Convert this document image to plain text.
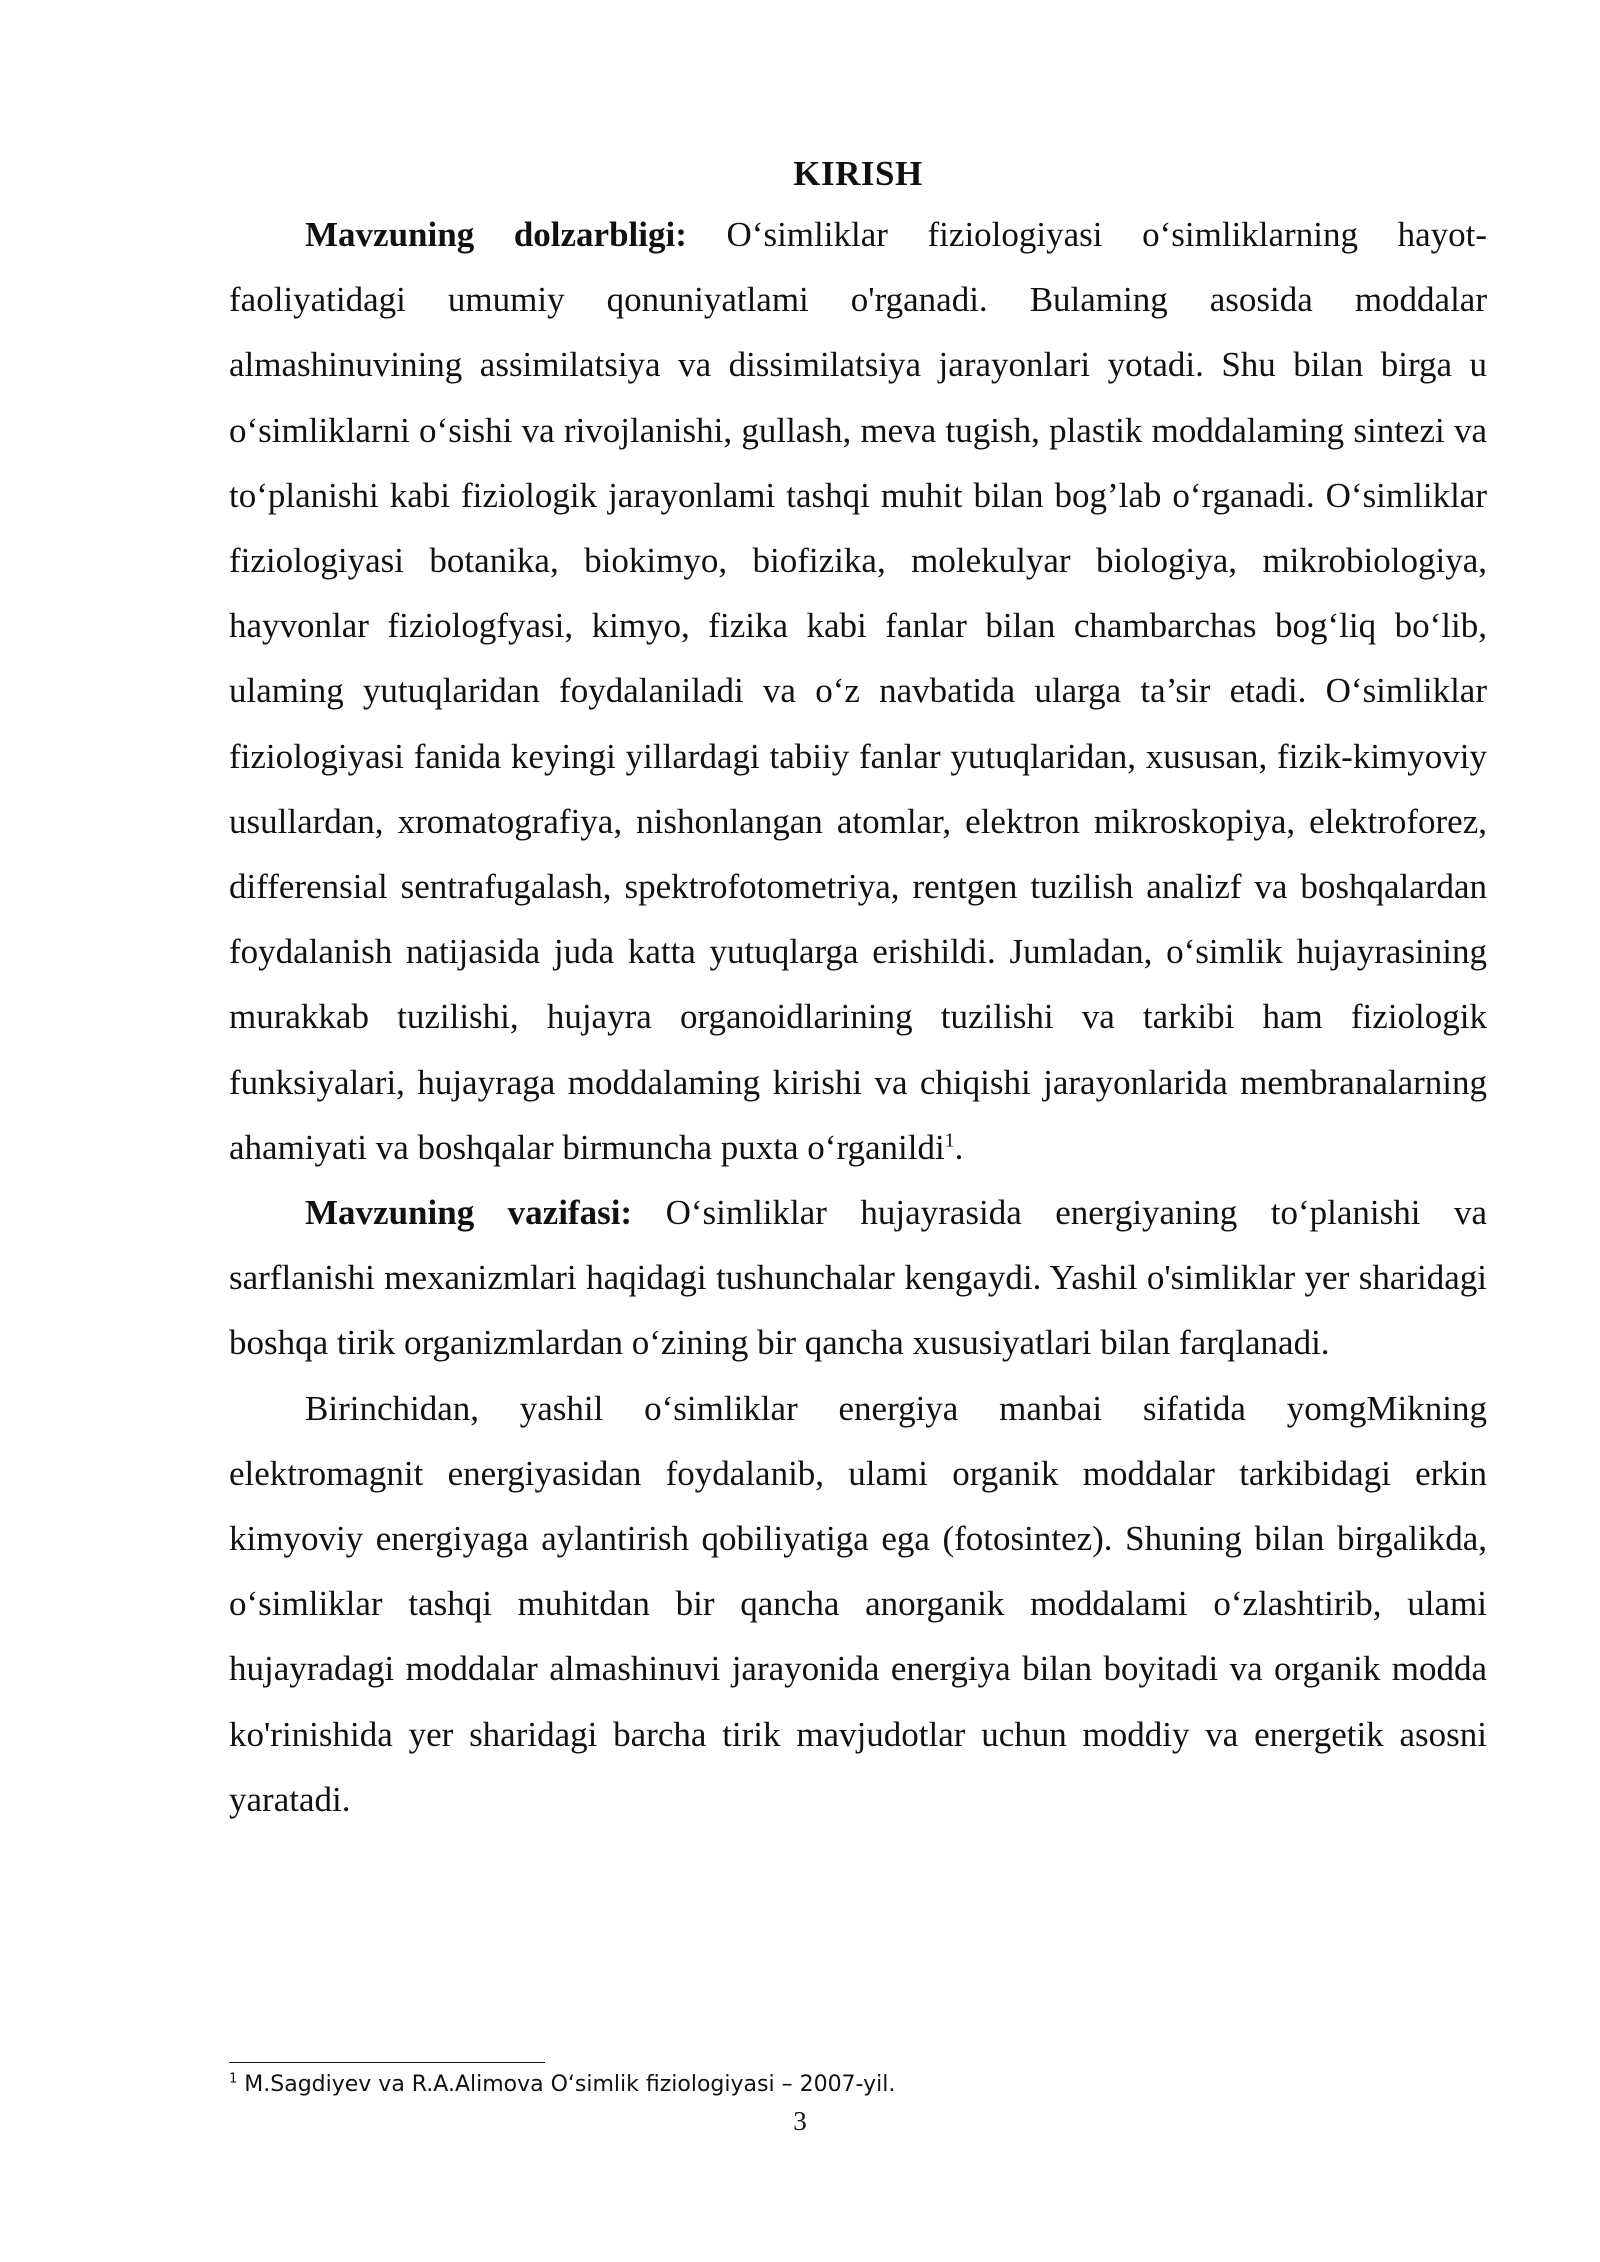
KIRISH

Mavzuning dolzarbligi: O‘simliklar fiziologiyasi o‘simliklarning hayot-faoliyatidagi umumiy qonuniyatlami o'rganadi. Bulaming asosida moddalar almashinuvining assimilatsiya va dissimilatsiya jarayonlari yotadi. Shu bilan birga u o‘simliklarni o‘sishi va rivojlanishi, gullash, meva tugish, plastik moddalaming sintezi va to‘planishi kabi fiziologik jarayonlami tashqi muhit bilan bog’lab o‘rganadi. O‘simliklar fiziologiyasi botanika, biokimyo, biofizika, molekulyar biologiya, mikrobiologiya, hayvonlar fiziologfyasi, kimyo, fizika kabi fanlar bilan chambarchas bog‘liq bo‘lib, ulaming yutuqlaridan foydalaniladi va o‘z navbatida ularga ta’sir etadi. O‘simliklar fiziologiyasi fanida keyingi yillardagi tabiiy fanlar yutuqlaridan, xususan, fizik-kimyoviy usullardan, xromatografiya, nishonlangan atomlar, elektron mikroskopiya, elektroforez, differensial sentrafugalash, spektrofotometriya, rentgen tuzilish analizf va boshqalardan foydalanish natijasida juda katta yutuqlarga erishildi. Jumladan, o‘simlik hujayrasining murakkab tuzilishi, hujayra organoidlarining tuzilishi va tarkibi ham fiziologik funksiyalari, hujayraga moddalaming kirishi va chiqishi jarayonlarida membranalarning ahamiyati va boshqalar birmuncha puxta o‘rganildi$^1$.

Mavzuning vazifasi: O‘simliklar hujayrasida energiyaning to‘planishi va sarflanishi mexanizmlari haqidagi tushunchalar kengaydi. Yashil o'simliklar yer sharidagi boshqa tirik organizmlardan o‘zining bir qancha xususiyatlari bilan farqlanadi.

Birinchidan, yashil o‘simliklar energiya manbai sifatida yomgMikning elektromagnit energiyasidan foydalanib, ulami organik moddalar tarkibidagi erkin kimyoviy energiyaga aylantirish qobiliyatiga ega (fotosintez). Shuning bilan birgalikda, o‘simliklar tashqi muhitdan bir qancha anorganik moddalami o‘zlashtirib, ulami hujayradagi moddalar almashinuvi jarayonida energiya bilan boyitadi va organik modda ko'rinishida yer sharidagi barcha tirik mavjudotlar uchun moddiy va energetik asosni yaratadi.

$^1$ M.Sagdiyev va R.A.Alimova O‘simlik fiziologiyasi – 2007-yil.
3
